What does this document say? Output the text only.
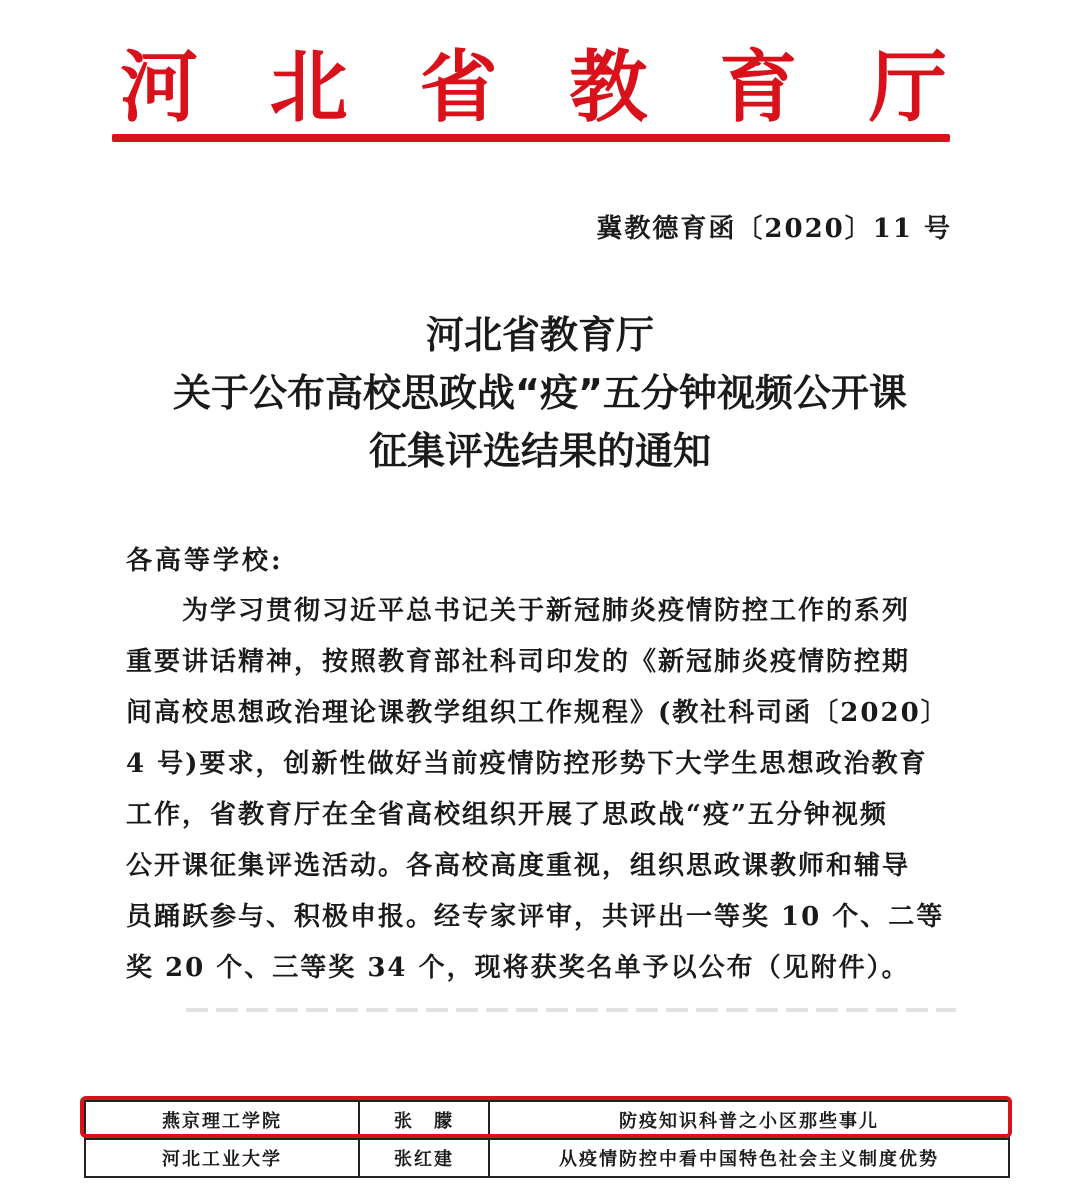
河 北 省 教 育 厅
冀教德育函〔2020〕11 号
河北省教育厅
关于公布高校思政战“疫”五分钟视频公开课
征集评选结果的通知
各高等学校:
为学习贯彻习近平总书记关于新冠肺炎疫情防控工作的系列
重要讲话精神，按照教育部社科司印发的《新冠肺炎疫情防控期
间高校思想政治理论课教学组织工作规程》(教社科司函〔2020〕
4 号)要求，创新性做好当前疫情防控形势下大学生思想政治教育
工作，省教育厅在全省高校组织开展了思政战“疫”五分钟视频
公开课征集评选活动。各高校高度重视，组织思政课教师和辅导
员踊跃参与、积极申报。经专家评审，共评出一等奖 10 个、二等
奖 20 个、三等奖 34 个，现将获奖名单予以公布（见附件）。
燕京理工学院	张　朦	防疫知识科普之小区那些事儿
河北工业大学	张红建	从疫情防控中看中国特色社会主义制度优势
